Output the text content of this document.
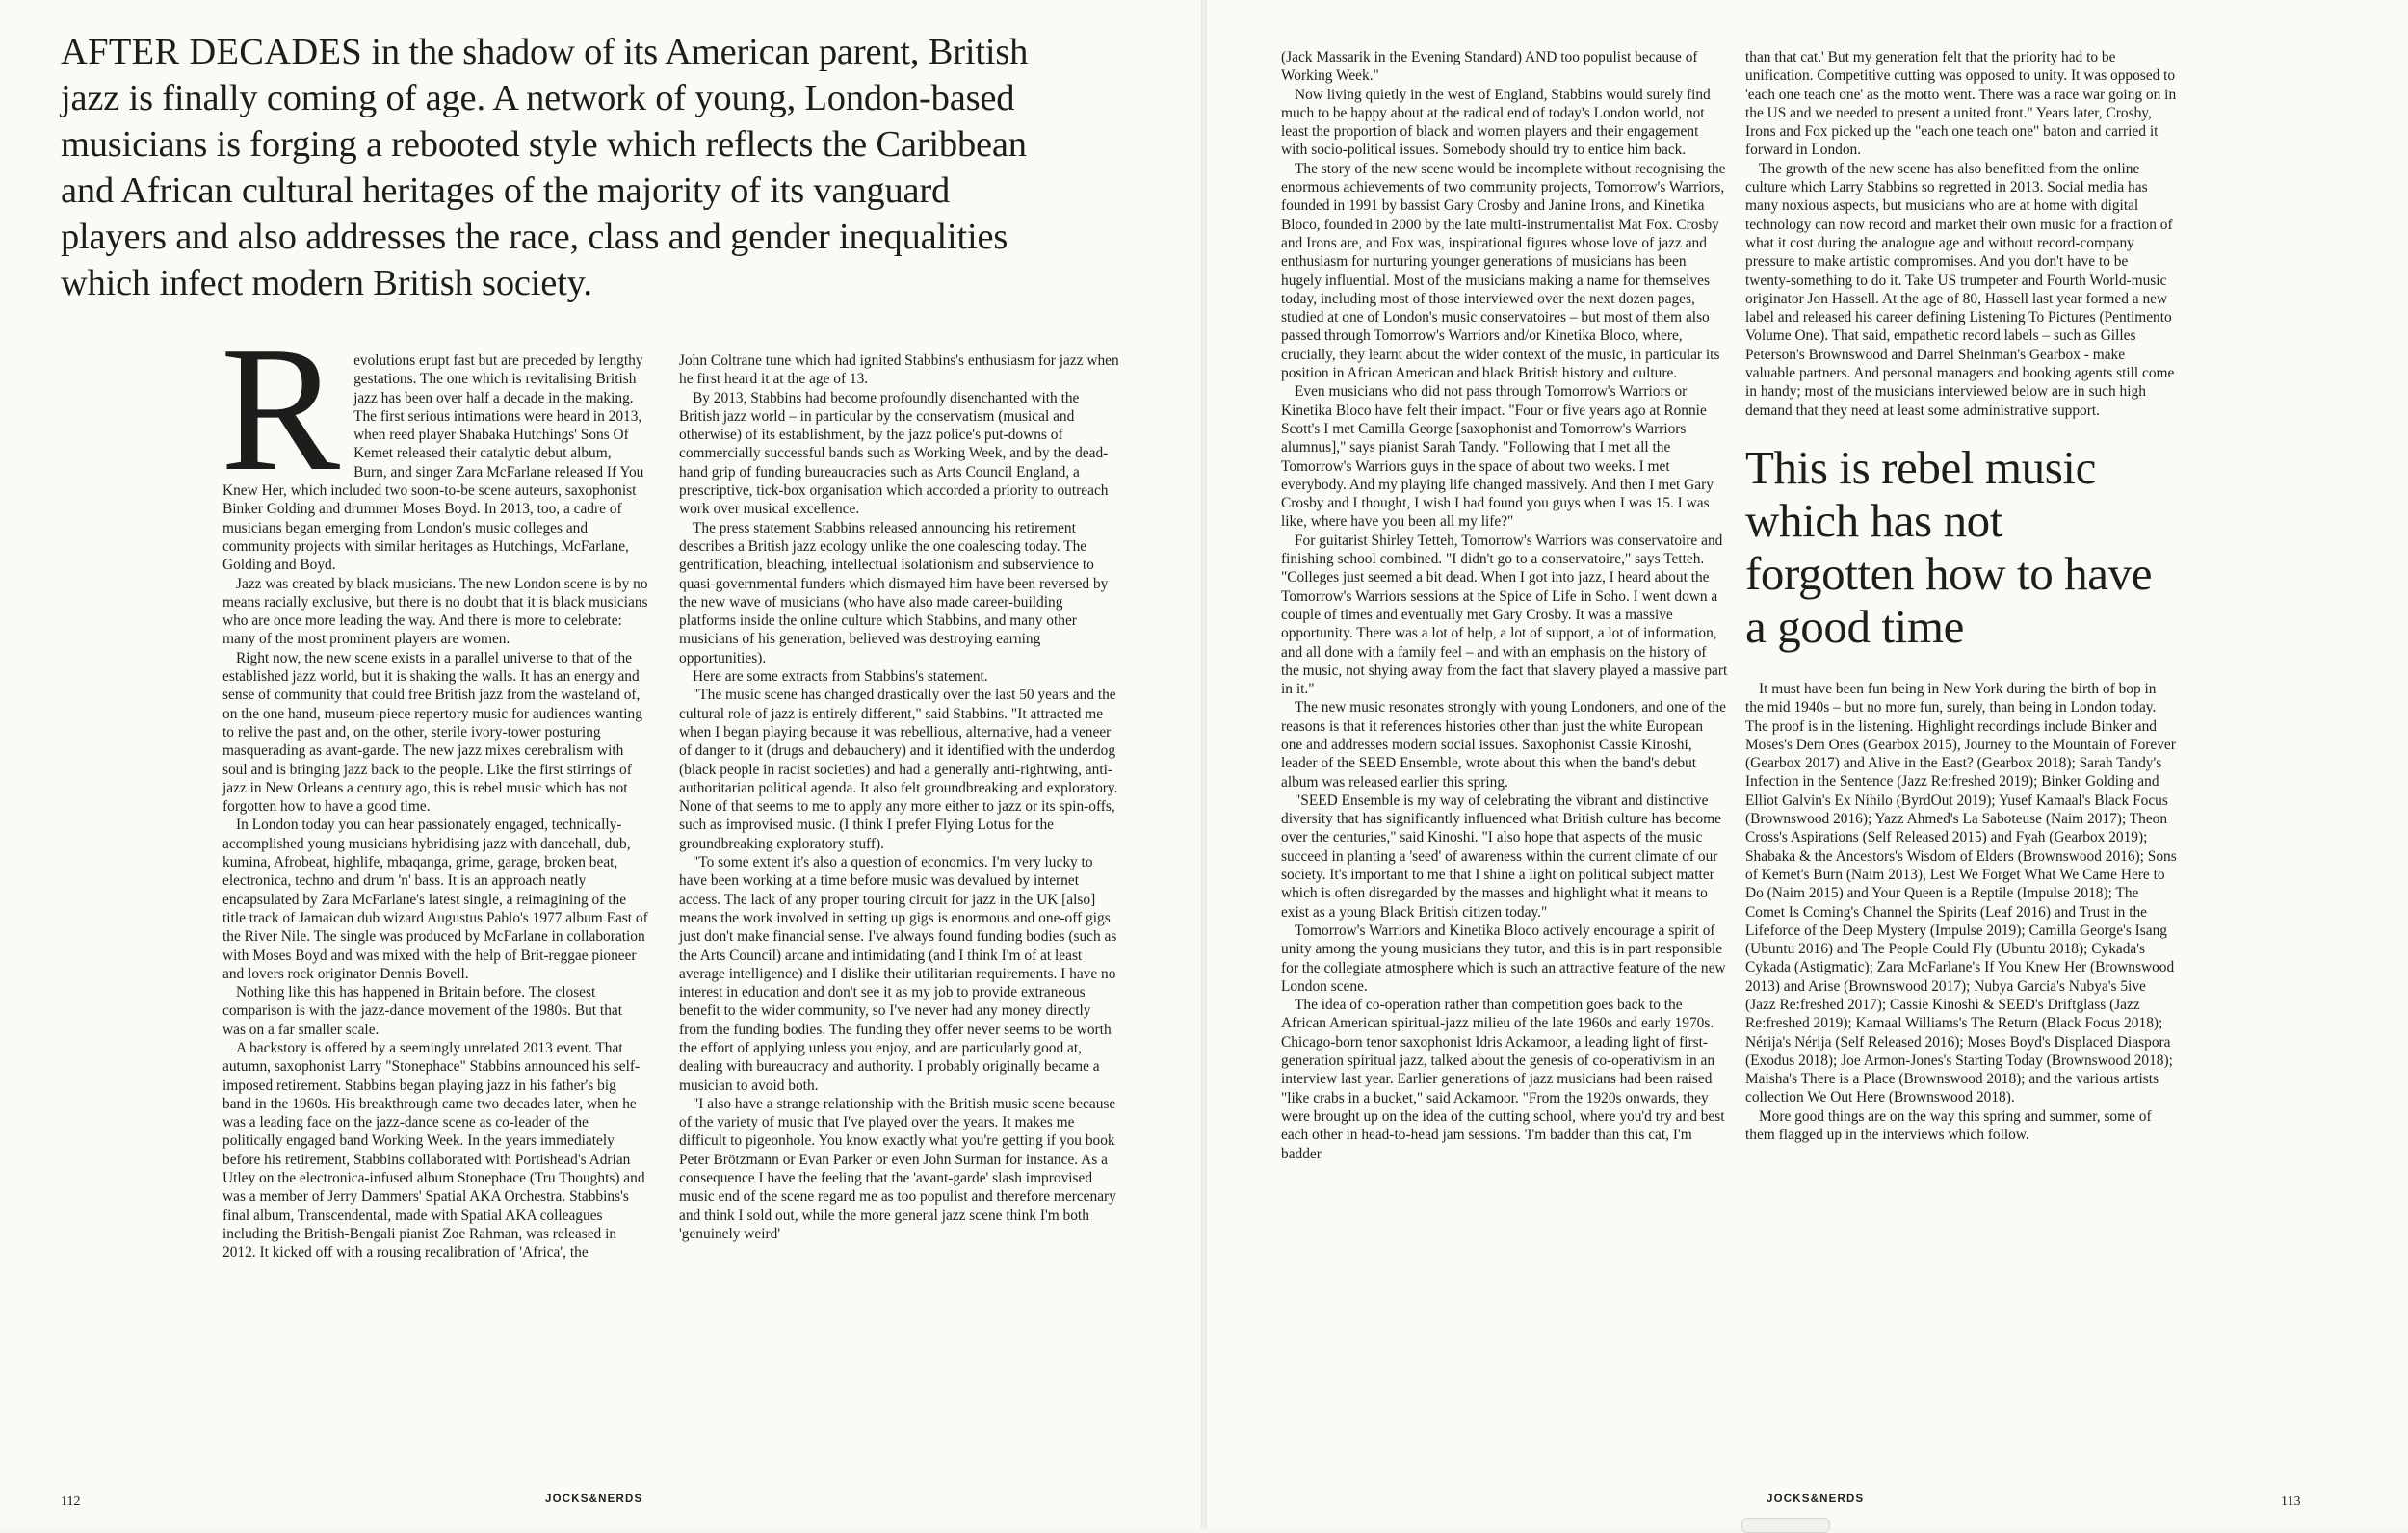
AFTER DECADES in the shadow of its American parent, British jazz is finally coming of age. A network of young, London-based musicians is forging a rebooted style which reflects the Caribbean and African cultural heritages of the majority of its vanguard players and also addresses the race, class and gender inequalities which infect modern British society.

Revolutions erupt fast but are preceded by lengthy gestations. The one which is revitalising British jazz has been over half a decade in the making. The first serious intimations were heard in 2013, when reed player Shabaka Hutchings' Sons Of Kemet released their catalytic debut album, Burn, and singer Zara McFarlane released If You Knew Her, which included two soon-to-be scene auteurs, saxophonist Binker Golding and drummer Moses Boyd. In 2013, too, a cadre of musicians began emerging from London's music colleges and community projects with similar heritages as Hutchings, McFarlane, Golding and Boyd.

Jazz was created by black musicians. The new London scene is by no means racially exclusive, but there is no doubt that it is black musicians who are once more leading the way. And there is more to celebrate: many of the most prominent players are women.

Right now, the new scene exists in a parallel universe to that of the established jazz world, but it is shaking the walls. It has an energy and sense of community that could free British jazz from the wasteland of, on the one hand, museum-piece repertory music for audiences wanting to relive the past and, on the other, sterile ivory-tower posturing masquerading as avant-garde. The new jazz mixes cerebralism with soul and is bringing jazz back to the people. Like the first stirrings of jazz in New Orleans a century ago, this is rebel music which has not forgotten how to have a good time.

In London today you can hear passionately engaged, technically-accomplished young musicians hybridising jazz with dancehall, dub, kumina, Afrobeat, highlife, mbaqanga, grime, garage, broken beat, electronica, techno and drum 'n' bass. It is an approach neatly encapsulated by Zara McFarlane's latest single, a reimagining of the title track of Jamaican dub wizard Augustus Pablo's 1977 album East of the River Nile. The single was produced by McFarlane in collaboration with Moses Boyd and was mixed with the help of Brit-reggae pioneer and lovers rock originator Dennis Bovell.

Nothing like this has happened in Britain before. The closest comparison is with the jazz-dance movement of the 1980s. But that was on a far smaller scale.

A backstory is offered by a seemingly unrelated 2013 event. That autumn, saxophonist Larry "Stonephace" Stabbins announced his self-imposed retirement. Stabbins began playing jazz in his father's big band in the 1960s. His breakthrough came two decades later, when he was a leading face on the jazz-dance scene as co-leader of the politically engaged band Working Week. In the years immediately before his retirement, Stabbins collaborated with Portishead's Adrian Utley on the electronica-infused album Stonephace (Tru Thoughts) and was a member of Jerry Dammers' Spatial AKA Orchestra. Stabbins's final album, Transcendental, made with Spatial AKA colleagues including the British-Bengali pianist Zoe Rahman, was released in 2012. It kicked off with a rousing recalibration of 'Africa', the

John Coltrane tune which had ignited Stabbins's enthusiasm for jazz when he first heard it at the age of 13.

By 2013, Stabbins had become profoundly disenchanted with the British jazz world – in particular by the conservatism (musical and otherwise) of its establishment, by the jazz police's put-downs of commercially successful bands such as Working Week, and by the dead-hand grip of funding bureaucracies such as Arts Council England, a prescriptive, tick-box organisation which accorded a priority to outreach work over musical excellence.

The press statement Stabbins released announcing his retirement describes a British jazz ecology unlike the one coalescing today. The gentrification, bleaching, intellectual isolationism and subservience to quasi-governmental funders which dismayed him have been reversed by the new wave of musicians (who have also made career-building platforms inside the online culture which Stabbins, and many other musicians of his generation, believed was destroying earning opportunities).

Here are some extracts from Stabbins's statement.

"The music scene has changed drastically over the last 50 years and the cultural role of jazz is entirely different," said Stabbins. "It attracted me when I began playing because it was rebellious, alternative, had a veneer of danger to it (drugs and debauchery) and it identified with the underdog (black people in racist societies) and had a generally anti-rightwing, anti-authoritarian political agenda. It also felt groundbreaking and exploratory. None of that seems to me to apply any more either to jazz or its spin-offs, such as improvised music. (I think I prefer Flying Lotus for the groundbreaking exploratory stuff).

"To some extent it's also a question of economics. I'm very lucky to have been working at a time before music was devalued by internet access. The lack of any proper touring circuit for jazz in the UK [also] means the work involved in setting up gigs is enormous and one-off gigs just don't make financial sense. I've always found funding bodies (such as the Arts Council) arcane and intimidating (and I think I'm of at least average intelligence) and I dislike their utilitarian requirements. I have no interest in education and don't see it as my job to provide extraneous benefit to the wider community, so I've never had any money directly from the funding bodies. The funding they offer never seems to be worth the effort of applying unless you enjoy, and are particularly good at, dealing with bureaucracy and authority. I probably originally became a musician to avoid both.

"I also have a strange relationship with the British music scene because of the variety of music that I've played over the years. It makes me difficult to pigeonhole. You know exactly what you're getting if you book Peter Brötzmann or Evan Parker or even John Surman for instance. As a consequence I have the feeling that the 'avant-garde' slash improvised music end of the scene regard me as too populist and therefore mercenary and think I sold out, while the more general jazz scene think I'm both 'genuinely weird'

(Jack Massarik in the Evening Standard) AND too populist because of Working Week."

Now living quietly in the west of England, Stabbins would surely find much to be happy about at the radical end of today's London world, not least the proportion of black and women players and their engagement with socio-political issues. Somebody should try to entice him back.

The story of the new scene would be incomplete without recognising the enormous achievements of two community projects, Tomorrow's Warriors, founded in 1991 by bassist Gary Crosby and Janine Irons, and Kinetika Bloco, founded in 2000 by the late multi-instrumentalist Mat Fox. Crosby and Irons are, and Fox was, inspirational figures whose love of jazz and enthusiasm for nurturing younger generations of musicians has been hugely influential. Most of the musicians making a name for themselves today, including most of those interviewed over the next dozen pages, studied at one of London's music conservatoires – but most of them also passed through Tomorrow's Warriors and/or Kinetika Bloco, where, crucially, they learnt about the wider context of the music, in particular its position in African American and black British history and culture.

Even musicians who did not pass through Tomorrow's Warriors or Kinetika Bloco have felt their impact. "Four or five years ago at Ronnie Scott's I met Camilla George [saxophonist and Tomorrow's Warriors alumnus]," says pianist Sarah Tandy. "Following that I met all the Tomorrow's Warriors guys in the space of about two weeks. I met everybody. And my playing life changed massively. And then I met Gary Crosby and I thought, I wish I had found you guys when I was 15. I was like, where have you been all my life?"

For guitarist Shirley Tetteh, Tomorrow's Warriors was conservatoire and finishing school combined. "I didn't go to a conservatoire," says Tetteh. "Colleges just seemed a bit dead. When I got into jazz, I heard about the Tomorrow's Warriors sessions at the Spice of Life in Soho. I went down a couple of times and eventually met Gary Crosby. It was a massive opportunity. There was a lot of help, a lot of support, a lot of information, and all done with a family feel – and with an emphasis on the history of the music, not shying away from the fact that slavery played a massive part in it."

The new music resonates strongly with young Londoners, and one of the reasons is that it references histories other than just the white European one and addresses modern social issues. Saxophonist Cassie Kinoshi, leader of the SEED Ensemble, wrote about this when the band's debut album was released earlier this spring.

"SEED Ensemble is my way of celebrating the vibrant and distinctive diversity that has significantly influenced what British culture has become over the centuries," said Kinoshi. "I also hope that aspects of the music succeed in planting a 'seed' of awareness within the current climate of our society. It's important to me that I shine a light on political subject matter which is often disregarded by the masses and highlight what it means to exist as a young Black British citizen today."

Tomorrow's Warriors and Kinetika Bloco actively encourage a spirit of unity among the young musicians they tutor, and this is in part responsible for the collegiate atmosphere which is such an attractive feature of the new London scene.

The idea of co-operation rather than competition goes back to the African American spiritual-jazz milieu of the late 1960s and early 1970s. Chicago-born tenor saxophonist Idris Ackamoor, a leading light of first-generation spiritual jazz, talked about the genesis of co-operativism in an interview last year. Earlier generations of jazz musicians had been raised "like crabs in a bucket," said Ackamoor. "From the 1920s onwards, they were brought up on the idea of the cutting school, where you'd try and best each other in head-to-head jam sessions. 'I'm badder than this cat, I'm badder

than that cat.' But my generation felt that the priority had to be unification. Competitive cutting was opposed to unity. It was opposed to 'each one teach one' as the motto went. There was a race war going on in the US and we needed to present a united front." Years later, Crosby, Irons and Fox picked up the "each one teach one" baton and carried it forward in London.

The growth of the new scene has also benefitted from the online culture which Larry Stabbins so regretted in 2013. Social media has many noxious aspects, but musicians who are at home with digital technology can now record and market their own music for a fraction of what it cost during the analogue age and without record-company pressure to make artistic compromises. And you don't have to be twenty-something to do it. Take US trumpeter and Fourth World-music originator Jon Hassell. At the age of 80, Hassell last year formed a new label and released his career defining Listening To Pictures (Pentimento Volume One). That said, empathetic record labels – such as Gilles Peterson's Brownswood and Darrel Sheinman's Gearbox - make valuable partners. And personal managers and booking agents still come in handy; most of the musicians interviewed below are in such high demand that they need at least some administrative support.

This is rebel music which has not forgotten how to have a good time

It must have been fun being in New York during the birth of bop in the mid 1940s – but no more fun, surely, than being in London today. The proof is in the listening. Highlight recordings include Binker and Moses's Dem Ones (Gearbox 2015), Journey to the Mountain of Forever (Gearbox 2017) and Alive in the East? (Gearbox 2018); Sarah Tandy's Infection in the Sentence (Jazz Re:freshed 2019); Binker Golding and Elliot Galvin's Ex Nihilo (ByrdOut 2019); Yusef Kamaal's Black Focus (Brownswood 2016); Yazz Ahmed's La Saboteuse (Naim 2017); Theon Cross's Aspirations (Self Released 2015) and Fyah (Gearbox 2019); Shabaka & the Ancestors's Wisdom of Elders (Brownswood 2016); Sons of Kemet's Burn (Naim 2013), Lest We Forget What We Came Here to Do (Naim 2015) and Your Queen is a Reptile (Impulse 2018); The Comet Is Coming's Channel the Spirits (Leaf 2016) and Trust in the Lifeforce of the Deep Mystery (Impulse 2019); Camilla George's Isang (Ubuntu 2016) and The People Could Fly (Ubuntu 2018); Cykada's Cykada (Astigmatic); Zara McFarlane's If You Knew Her (Brownswood 2013) and Arise (Brownswood 2017); Nubya Garcia's Nubya's 5ive (Jazz Re:freshed 2017); Cassie Kinoshi & SEED's Driftglass (Jazz Re:freshed 2019); Kamaal Williams's The Return (Black Focus 2018); Nérija's Nérija (Self Released 2016); Moses Boyd's Displaced Diaspora (Exodus 2018); Joe Armon-Jones's Starting Today (Brownswood 2018); Maisha's There is a Place (Brownswood 2018); and the various artists collection We Out Here (Brownswood 2018).

More good things are on the way this spring and summer, some of them flagged up in the interviews which follow.

112	JOCKS&NERDS	JOCKS&NERDS	113
